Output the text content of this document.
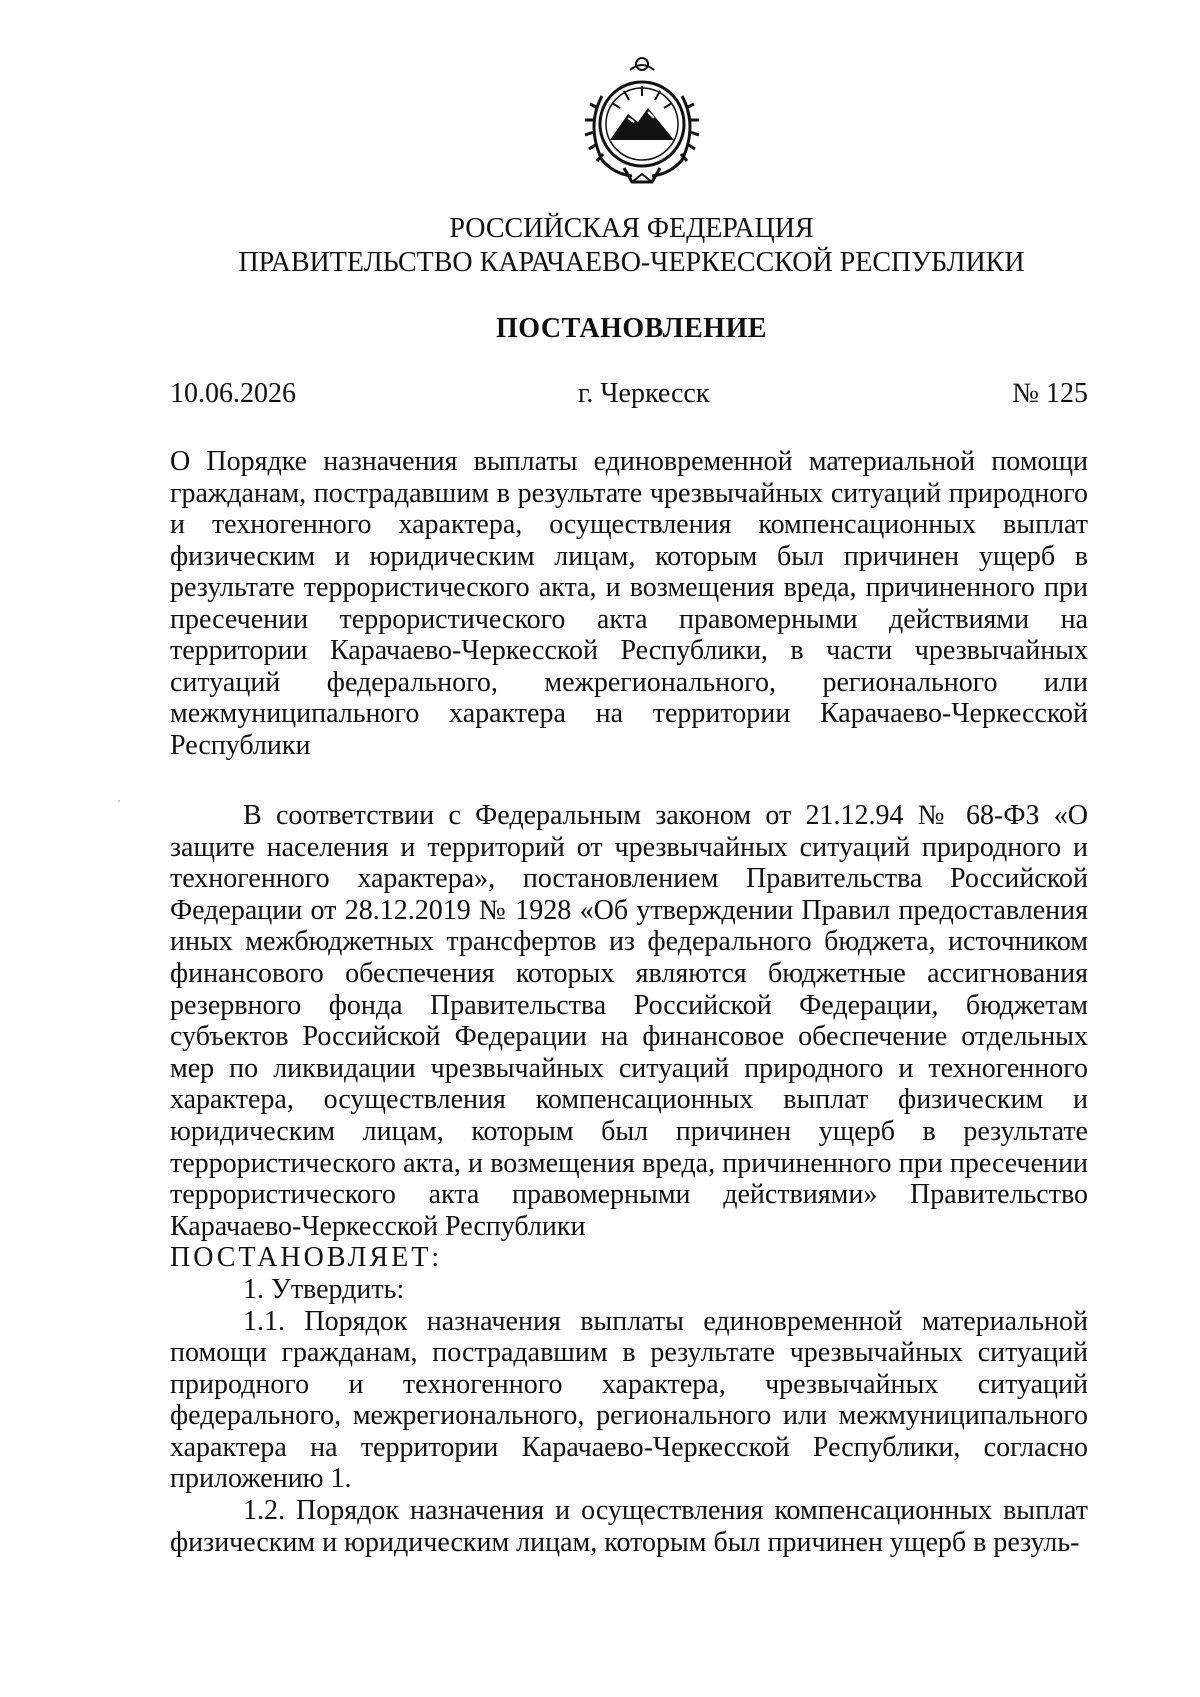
РОССИЙСКАЯ ФЕДЕРАЦИЯ
ПРАВИТЕЛЬСТВО КАРАЧАЕВО-ЧЕРКЕССКОЙ РЕСПУБЛИКИ
ПОСТАНОВЛЕНИЕ
10.06.2026	г. Черкесск	№ 125
О Порядке назначения выплаты единовременной материальной помощи гражданам, пострадавшим в результате чрезвычайных ситуаций природного и техногенного характера, осуществления компенсационных выплат физическим и юридическим лицам, которым был причинен ущерб в результате террористического акта, и возмещения вреда, причиненного при пресечении террористического акта правомерными действиями на территории Карачаево-Черкесской Республики, в части чрезвычайных ситуаций федерального, межрегионального, регионального или межмуниципального характера на территории Карачаево-Черкесской Республики

В соответствии с Федеральным законом от 21.12.94 № 68-ФЗ «О защите населения и территорий от чрезвычайных ситуаций природного и техногенного характера», постановлением Правительства Российской Федерации от 28.12.2019 № 1928 «Об утверждении Правил предоставления иных межбюджетных трансфертов из федерального бюджета, источником финансового обеспечения которых являются бюджетные ассигнования резервного фонда Правительства Российской Федерации, бюджетам субъектов Российской Федерации на финансовое обеспечение отдельных мер по ликвидации чрезвычайных ситуаций природного и техногенного характера, осуществления компенсационных выплат физическим и юридическим лицам, которым был причинен ущерб в результате террористического акта, и возмещения вреда, причиненного при пресечении террористического акта правомерными действиями» Правительство Карачаево-Черкесской Республики

ПОСТАНОВЛЯЕТ:

1. Утвердить:

1.1. Порядок назначения выплаты единовременной материальной помощи гражданам, пострадавшим в результате чрезвычайных ситуаций природного и техногенного характера, чрезвычайных ситуаций федерального, межрегионального, регионального или межмуниципального характера на территории Карачаево-Черкесской Республики, согласно приложению 1.

1.2. Порядок назначения и осуществления компенсационных выплат физическим и юридическим лицам, которым был причинен ущерб в резуль-
